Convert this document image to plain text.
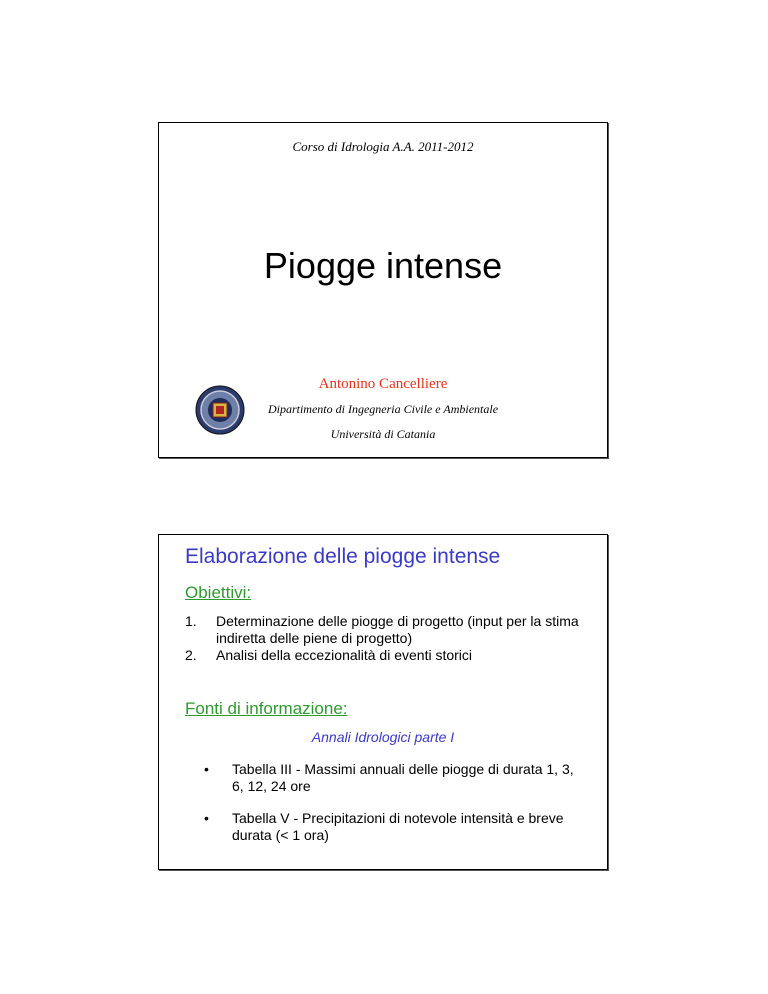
Corso di Idrologia A.A. 2011-2012
Piogge intense
Antonino Cancelliere
Dipartimento di Ingegneria Civile e Ambientale
Università di Catania
Elaborazione delle piogge intense
Obiettivi:
1.	Determinazione delle piogge di progetto (input per la stima indiretta delle piene di progetto)
2.	Analisi della eccezionalità di eventi storici
Fonti di informazione:
Annali Idrologici parte I
•	Tabella III - Massimi annuali delle piogge di durata 1, 3, 6, 12, 24 ore
•	Tabella V - Precipitazioni di notevole intensità e breve durata (< 1 ora)
